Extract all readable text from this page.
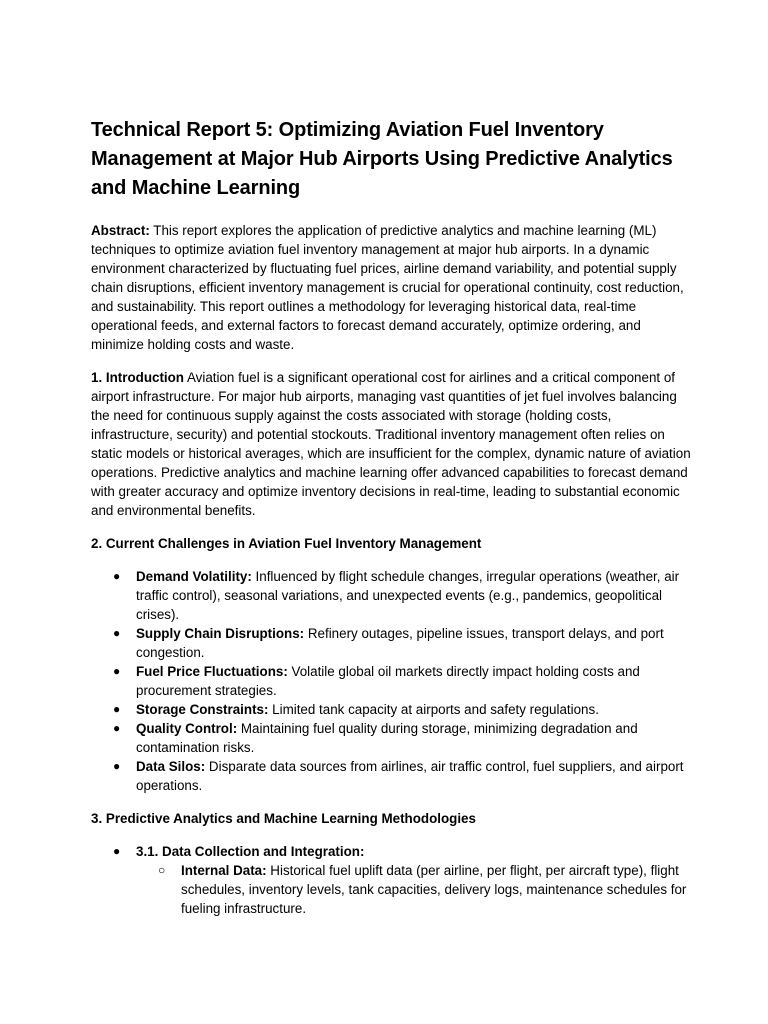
Technical Report 5: Optimizing Aviation Fuel Inventory Management at Major Hub Airports Using Predictive Analytics and Machine Learning

Abstract: This report explores the application of predictive analytics and machine learning (ML) techniques to optimize aviation fuel inventory management at major hub airports. In a dynamic environment characterized by fluctuating fuel prices, airline demand variability, and potential supply chain disruptions, efficient inventory management is crucial for operational continuity, cost reduction, and sustainability. This report outlines a methodology for leveraging historical data, real-time operational feeds, and external factors to forecast demand accurately, optimize ordering, and minimize holding costs and waste.

1. Introduction Aviation fuel is a significant operational cost for airlines and a critical component of airport infrastructure. For major hub airports, managing vast quantities of jet fuel involves balancing the need for continuous supply against the costs associated with storage (holding costs, infrastructure, security) and potential stockouts. Traditional inventory management often relies on static models or historical averages, which are insufficient for the complex, dynamic nature of aviation operations. Predictive analytics and machine learning offer advanced capabilities to forecast demand with greater accuracy and optimize inventory decisions in real-time, leading to substantial economic and environmental benefits.

2. Current Challenges in Aviation Fuel Inventory Management
● Demand Volatility: Influenced by flight schedule changes, irregular operations (weather, air traffic control), seasonal variations, and unexpected events (e.g., pandemics, geopolitical crises).
● Supply Chain Disruptions: Refinery outages, pipeline issues, transport delays, and port congestion.
● Fuel Price Fluctuations: Volatile global oil markets directly impact holding costs and procurement strategies.
● Storage Constraints: Limited tank capacity at airports and safety regulations.
● Quality Control: Maintaining fuel quality during storage, minimizing degradation and contamination risks.
● Data Silos: Disparate data sources from airlines, air traffic control, fuel suppliers, and airport operations.
3. Predictive Analytics and Machine Learning Methodologies
● 3.1. Data Collection and Integration:
○ Internal Data: Historical fuel uplift data (per airline, per flight, per aircraft type), flight schedules, inventory levels, tank capacities, delivery logs, maintenance schedules for fueling infrastructure.
